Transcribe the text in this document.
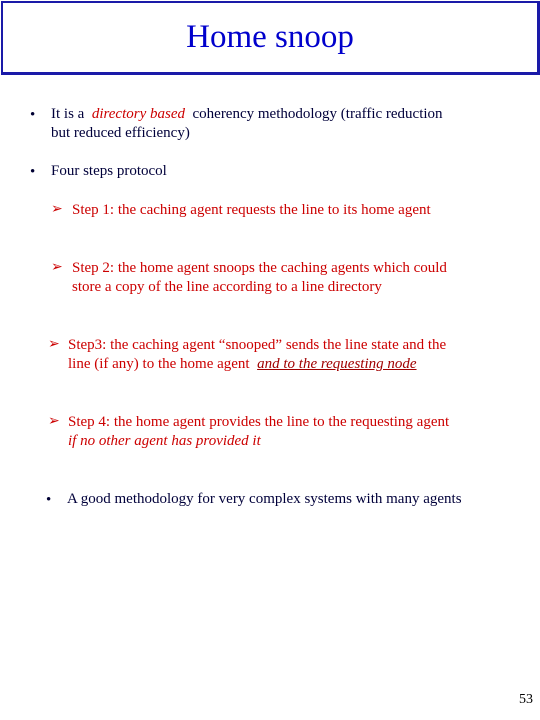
Home snoop
• It is a directory based coherency methodology (traffic reduction
but reduced efficiency)
• Four steps protocol
➢ Step 1: the caching agent requests the line to its home agent
➢ Step 2: the home agent snoops the caching agents which could
store a copy of the line according to a line directory
➢ Step3: the caching agent “snooped” sends the line state and the
line (if any) to the home agent and to the requesting node
➢ Step 4: the home agent provides the line to the requesting agent
if no other agent has provided it
• A good methodology for very complex systems with many agents
53
